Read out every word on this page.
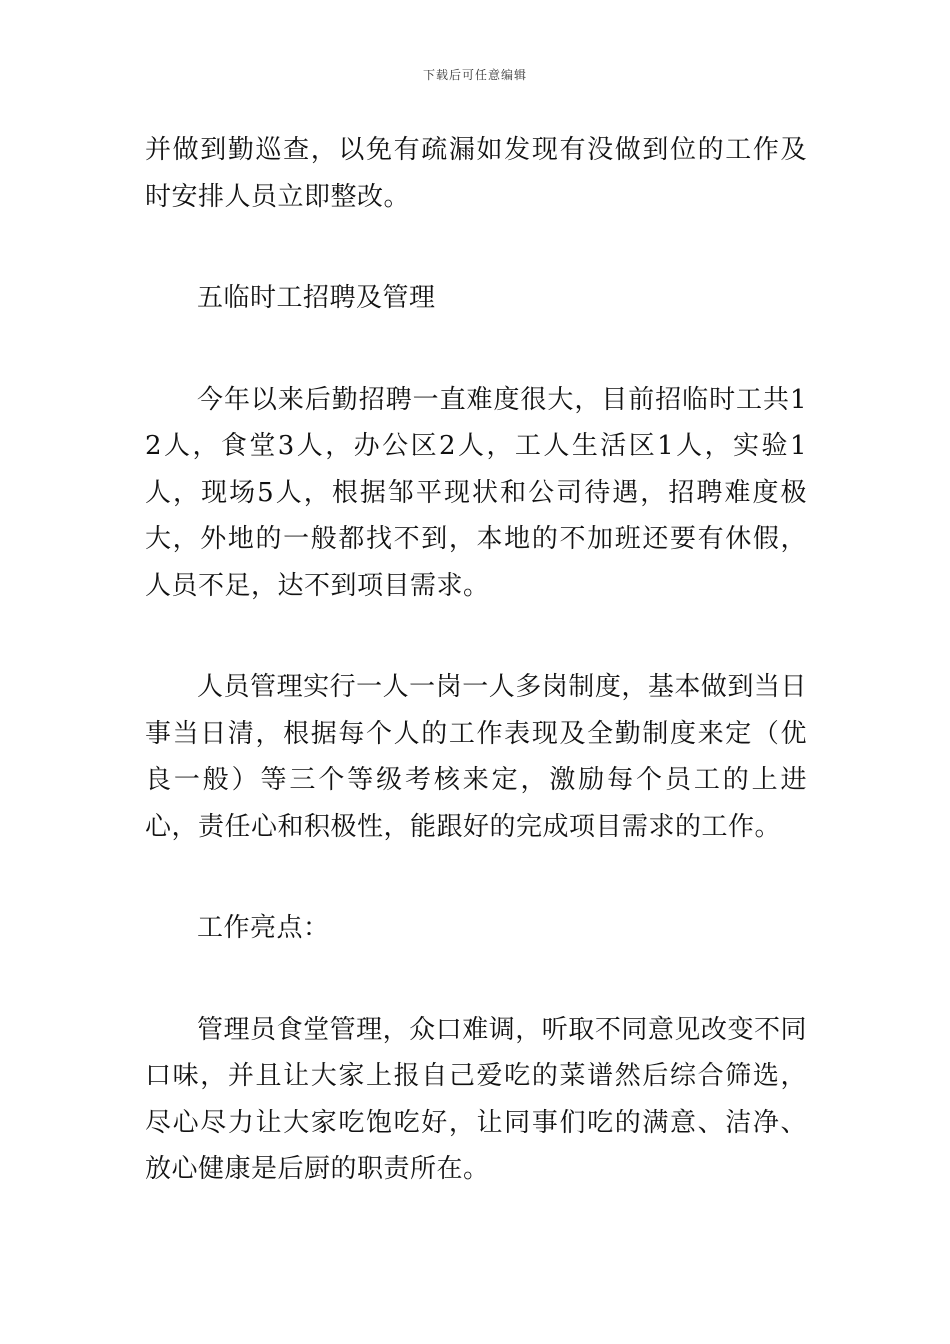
下载后可任意编辑

并做到勤巡查，以免有疏漏如发现有没做到位的工作及时安排人员立即整改。

五临时工招聘及管理

今年以来后勤招聘一直难度很大，目前招临时工共12人，食堂3人，办公区2人，工人生活区1人，实验1人，现场5人，根据邹平现状和公司待遇，招聘难度极大，外地的一般都找不到，本地的不加班还要有休假，人员不足，达不到项目需求。

人员管理实行一人一岗一人多岗制度，基本做到当日事当日清，根据每个人的工作表现及全勤制度来定（优良一般）等三个等级考核来定，激励每个员工的上进心，责任心和积极性，能跟好的完成项目需求的工作。

工作亮点：

管理员食堂管理，众口难调，听取不同意见改变不同口味，并且让大家上报自己爱吃的菜谱然后综合筛选，尽心尽力让大家吃饱吃好，让同事们吃的满意、洁净、放心健康是后厨的职责所在。
